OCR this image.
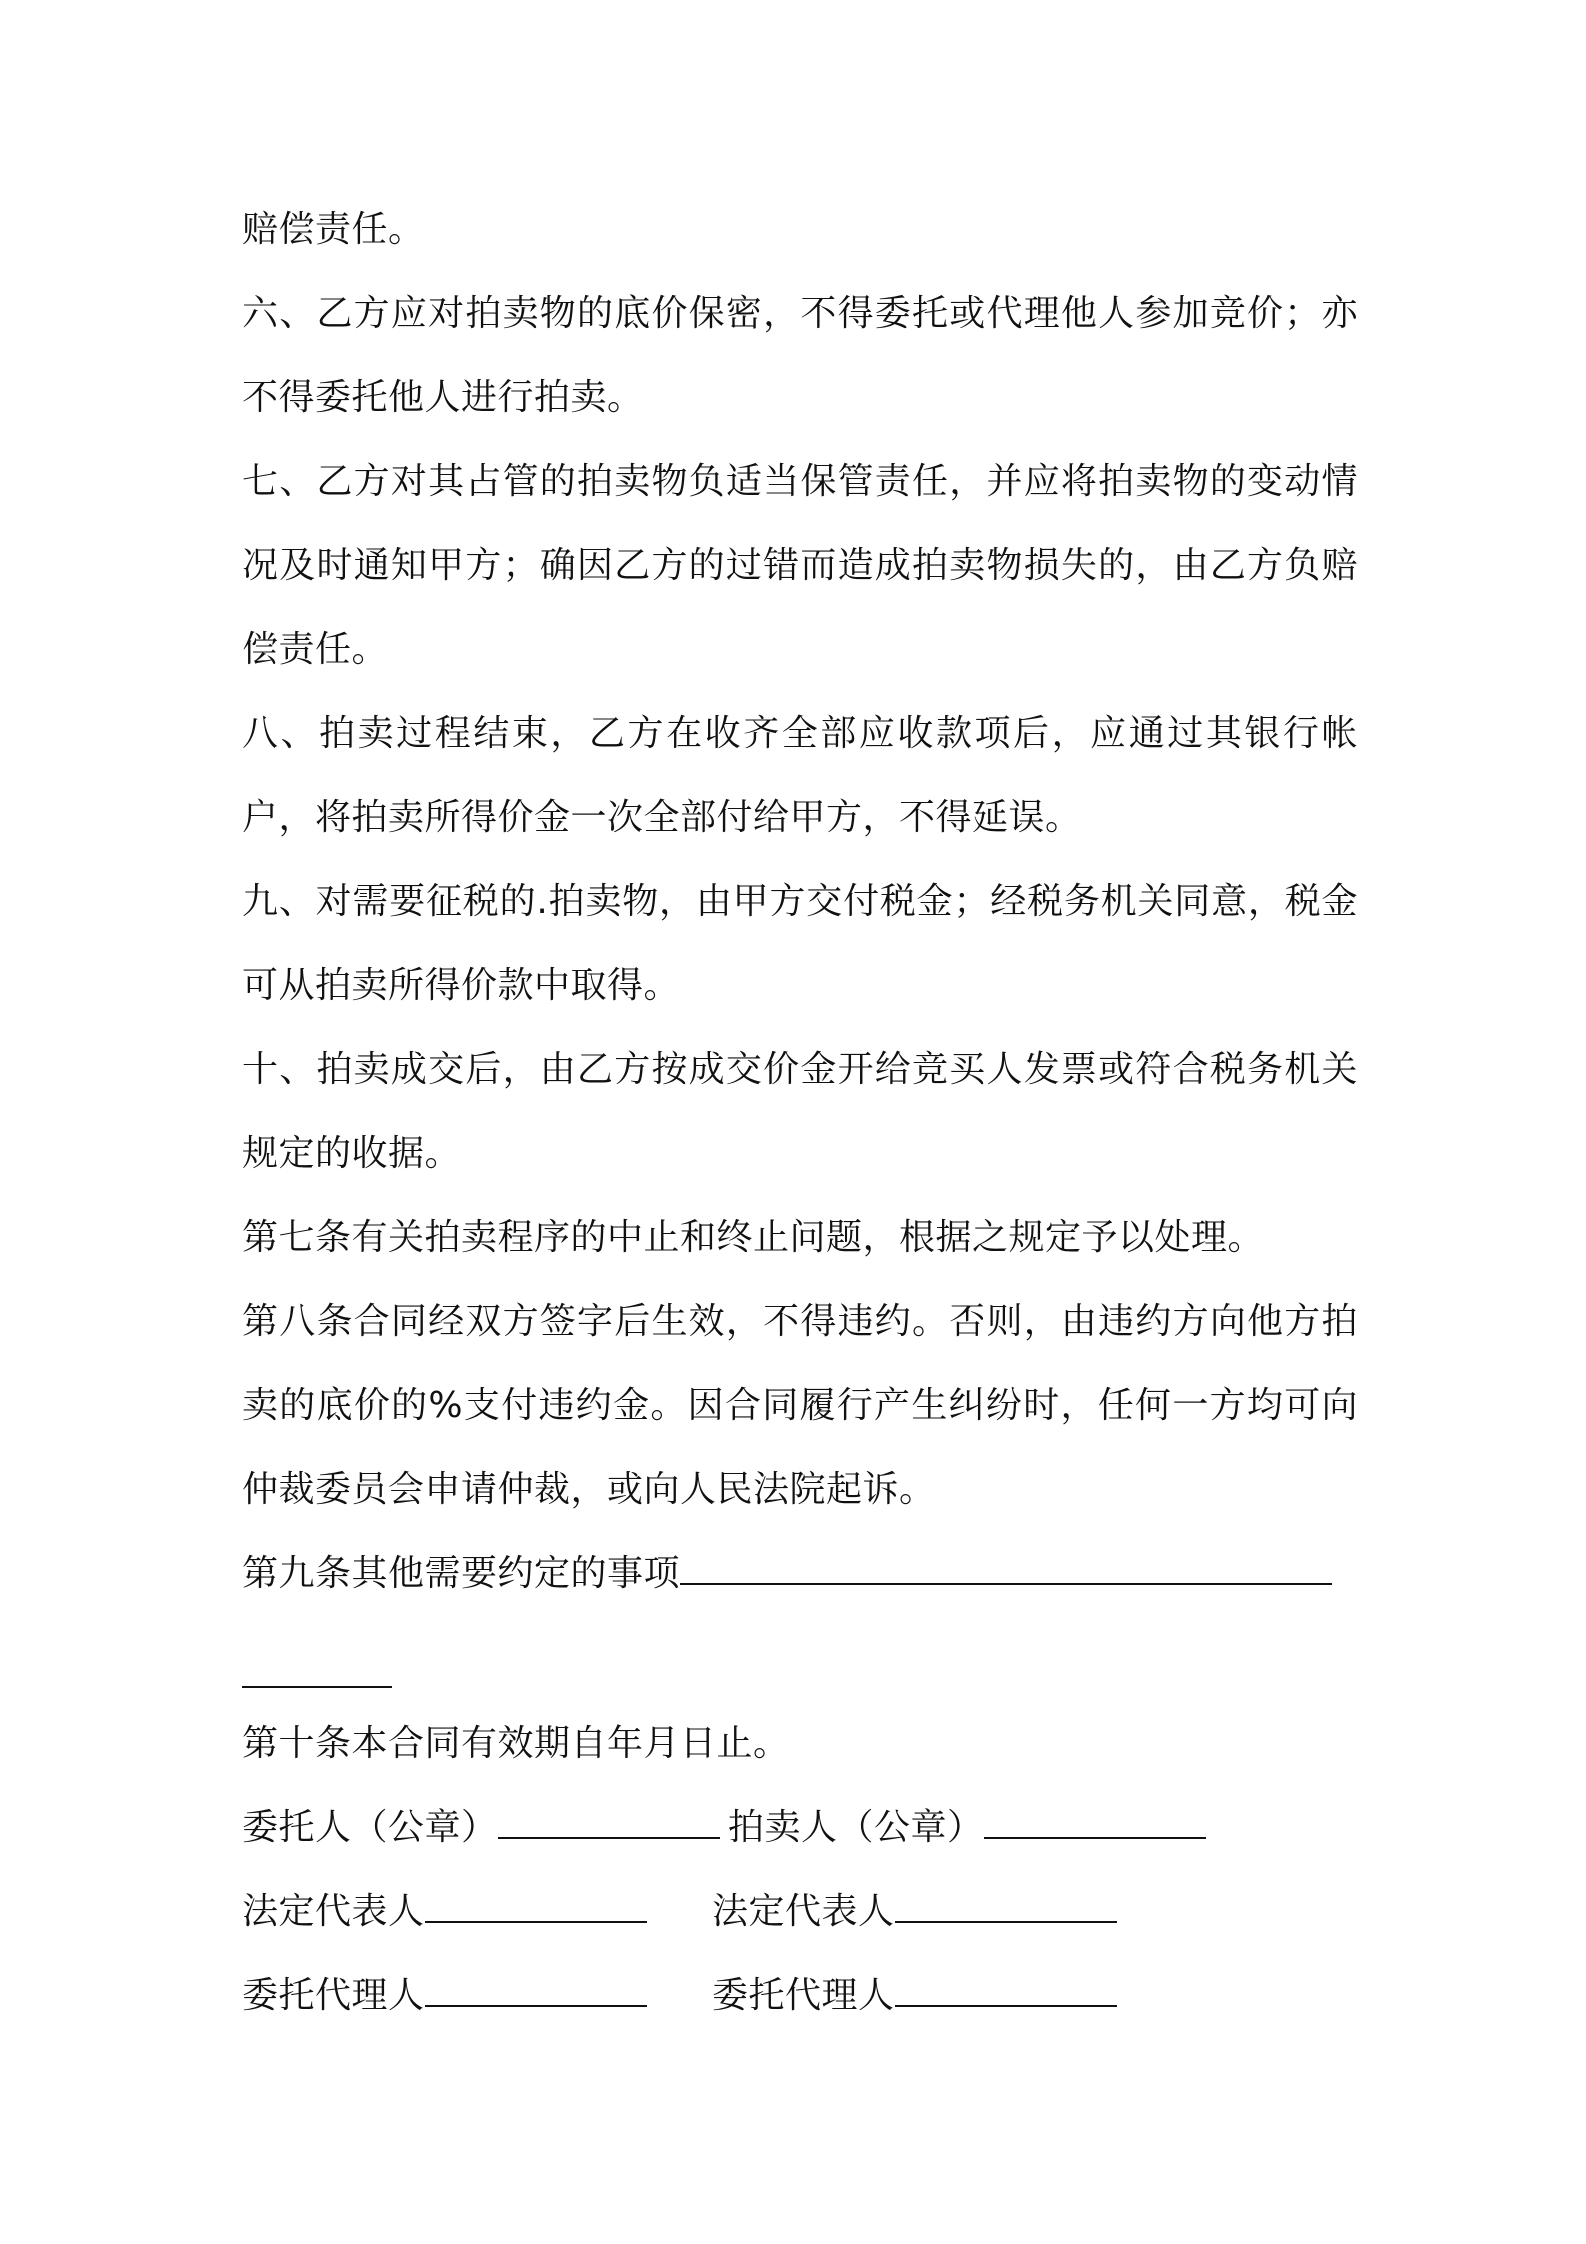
赔偿责任。

六、乙方应对拍卖物的底价保密，不得委托或代理他人参加竞价；亦不得委托他人进行拍卖。

七、乙方对其占管的拍卖物负适当保管责任，并应将拍卖物的变动情况及时通知甲方；确因乙方的过错而造成拍卖物损失的，由乙方负赔偿责任。

八、拍卖过程结束，乙方在收齐全部应收款项后，应通过其银行帐户，将拍卖所得价金一次全部付给甲方，不得延误。

九、对需要征税的.拍卖物，由甲方交付税金；经税务机关同意，税金可从拍卖所得价款中取得。

十、拍卖成交后，由乙方按成交价金开给竞买人发票或符合税务机关规定的收据。

第七条有关拍卖程序的中止和终止问题，根据之规定予以处理。

第八条合同经双方签字后生效，不得违约。否则，由违约方向他方拍卖的底价的%支付违约金。因合同履行产生纠纷时，任何一方均可向仲裁委员会申请仲裁，或向人民法院起诉。

第九条其他需要约定的事项

第十条本合同有效期自年月日止。

委托人（公章）	拍卖人（公章）
法定代表人	法定代表人
委托代理人	委托代理人
